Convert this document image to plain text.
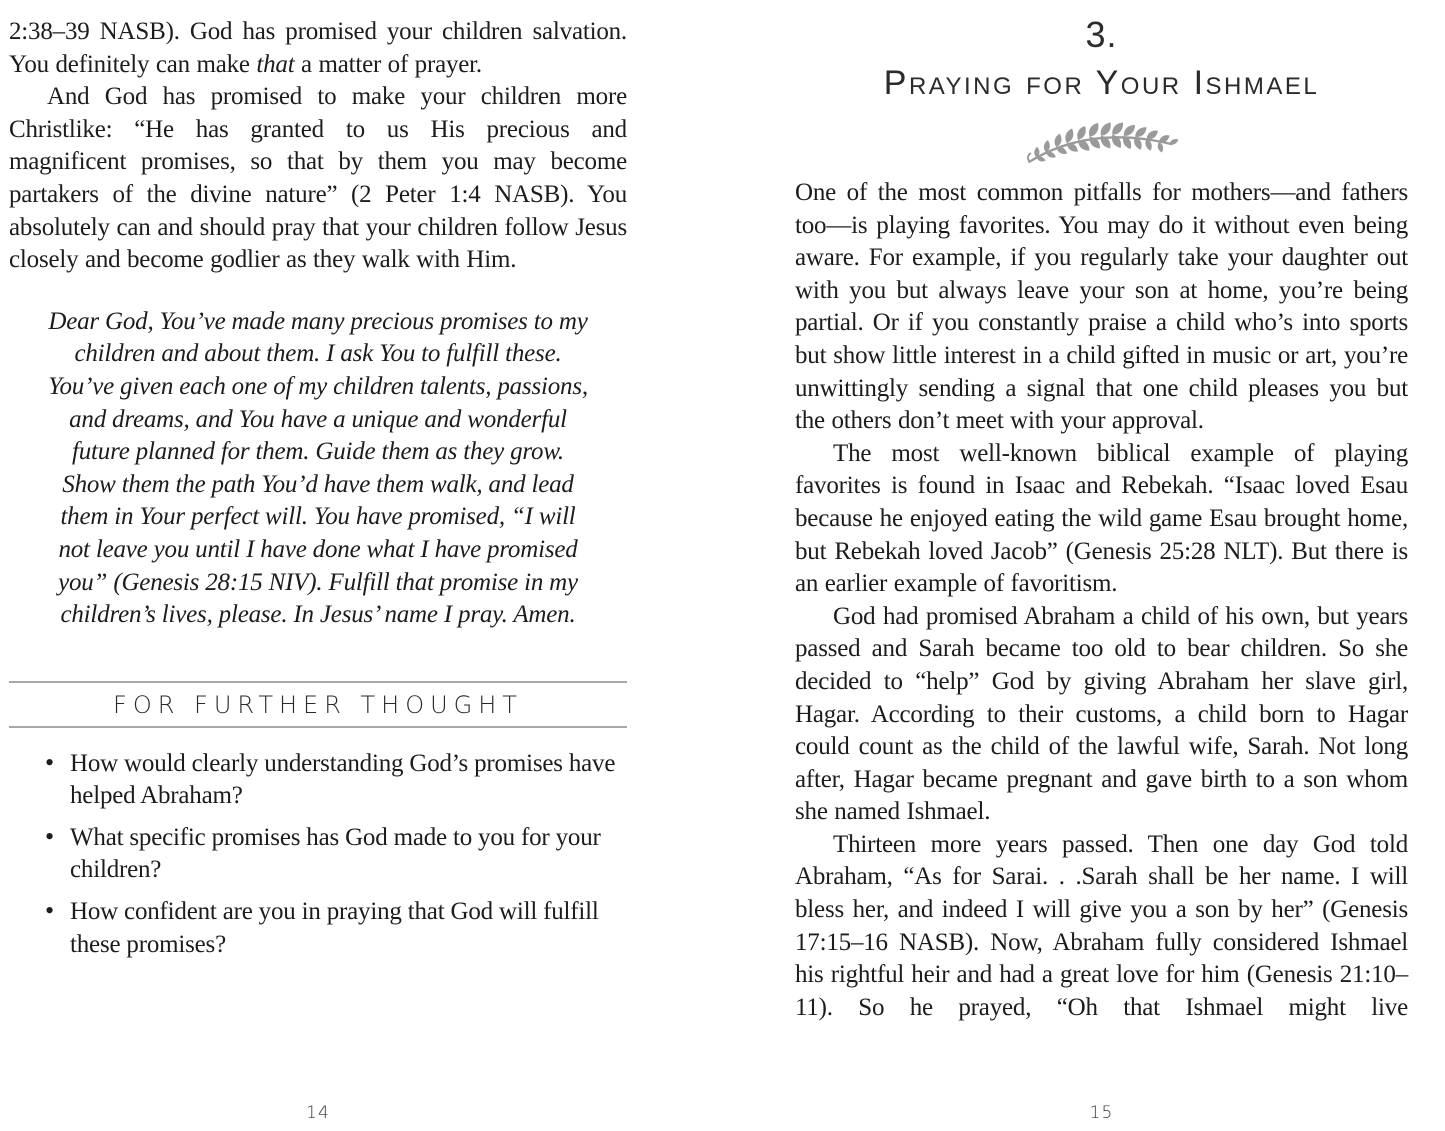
2:38–39 NASB). God has promised your children salvation. You definitely can make that a matter of prayer.

And God has promised to make your children more Christlike: “He has granted to us His precious and magnificent promises, so that by them you may become partakers of the divine nature” (2 Peter 1:4 NASB). You absolutely can and should pray that your children follow Jesus closely and become godlier as they walk with Him.

Dear God, You’ve made many precious promises to my children and about them. I ask You to fulfill these. You’ve given each one of my children talents, passions, and dreams, and You have a unique and wonderful future planned for them. Guide them as they grow. Show them the path You’d have them walk, and lead them in Your perfect will. You have promised, “I will not leave you until I have done what I have promised you” (Genesis 28:15 NIV). Fulfill that promise in my children’s lives, please. In Jesus’ name I pray. Amen.
FOR FURTHER THOUGHT
• How would clearly understanding God’s promises have helped Abraham?
• What specific promises has God made to you for your children?
• How confident are you in praying that God will fulfill these promises?
14
3.
Praying for Your Ishmael

One of the most common pitfalls for mothers—and fathers too—is playing favorites. You may do it without even being aware. For example, if you regularly take your daughter out with you but always leave your son at home, you’re being partial. Or if you constantly praise a child who’s into sports but show little interest in a child gifted in music or art, you’re unwittingly sending a signal that one child pleases you but the others don’t meet with your approval.

The most well-known biblical example of playing favorites is found in Isaac and Rebekah. “Isaac loved Esau because he enjoyed eating the wild game Esau brought home, but Rebekah loved Jacob” (Genesis 25:28 NLT). But there is an earlier example of favoritism.

God had promised Abraham a child of his own, but years passed and Sarah became too old to bear children. So she decided to “help” God by giving Abraham her slave girl, Hagar. According to their customs, a child born to Hagar could count as the child of the lawful wife, Sarah. Not long after, Hagar became pregnant and gave birth to a son whom she named Ishmael.

Thirteen more years passed. Then one day God told Abraham, “As for Sarai. . .Sarah shall be her name. I will bless her, and indeed I will give you a son by her” (Genesis 17:15–16 NASB). Now, Abraham fully considered Ishmael his rightful heir and had a great love for him (Genesis 21:10–11). So he prayed, “Oh that Ishmael might live

15
